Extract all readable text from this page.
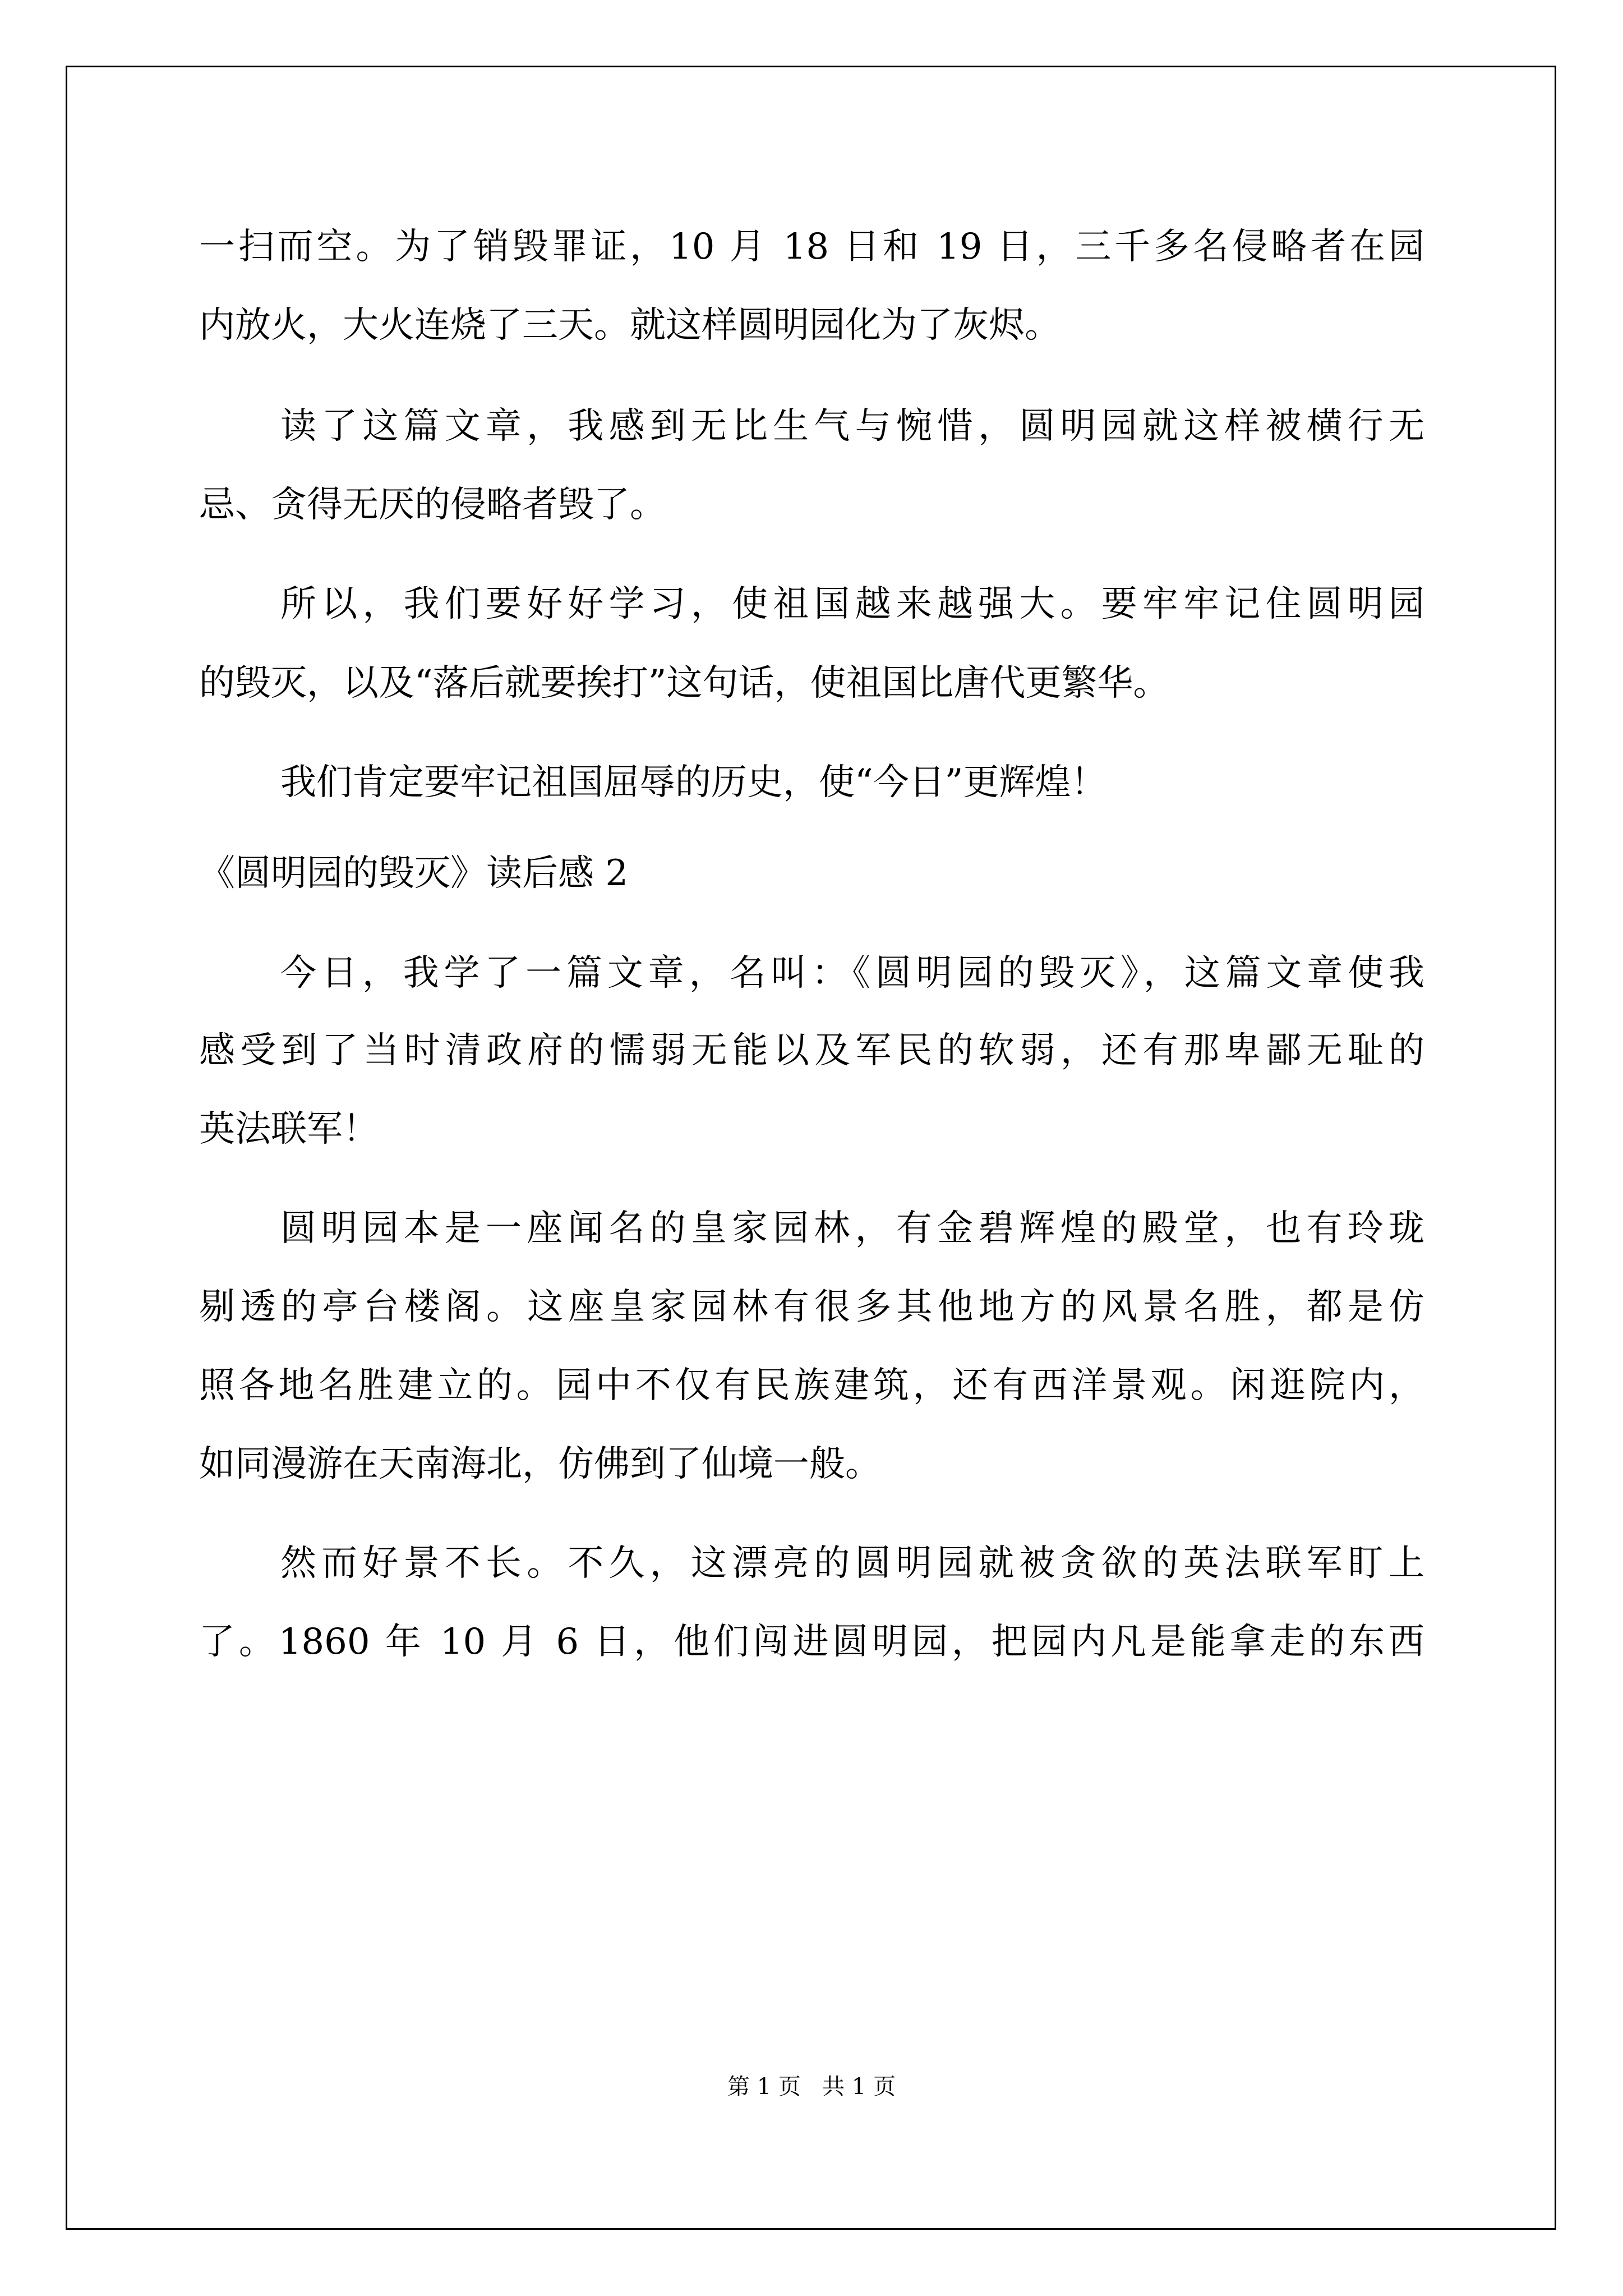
一扫而空。为了销毁罪证，10 月 18 日和 19 日，三千多名侵略者在园
内放火，大火连烧了三天。就这样圆明园化为了灰烬。
读了这篇文章，我感到无比生气与惋惜，圆明园就这样被横行无
忌、贪得无厌的侵略者毁了。
所以，我们要好好学习，使祖国越来越强大。要牢牢记住圆明园
的毁灭，以及“落后就要挨打”这句话，使祖国比唐代更繁华。
我们肯定要牢记祖国屈辱的历史，使“今日”更辉煌！
《圆明园的毁灭》读后感 2
今日，我学了一篇文章，名叫：《圆明园的毁灭》，这篇文章使我
感受到了当时清政府的懦弱无能以及军民的软弱，还有那卑鄙无耻的
英法联军！
圆明园本是一座闻名的皇家园林，有金碧辉煌的殿堂，也有玲珑
剔透的亭台楼阁。这座皇家园林有很多其他地方的风景名胜，都是仿
照各地名胜建立的。园中不仅有民族建筑，还有西洋景观。闲逛院内，
如同漫游在天南海北，仿佛到了仙境一般。
然而好景不长。不久，这漂亮的圆明园就被贪欲的英法联军盯上
了。1860 年 10 月 6 日，他们闯进圆明园，把园内凡是能拿走的东西
第 1 页   共 1 页
